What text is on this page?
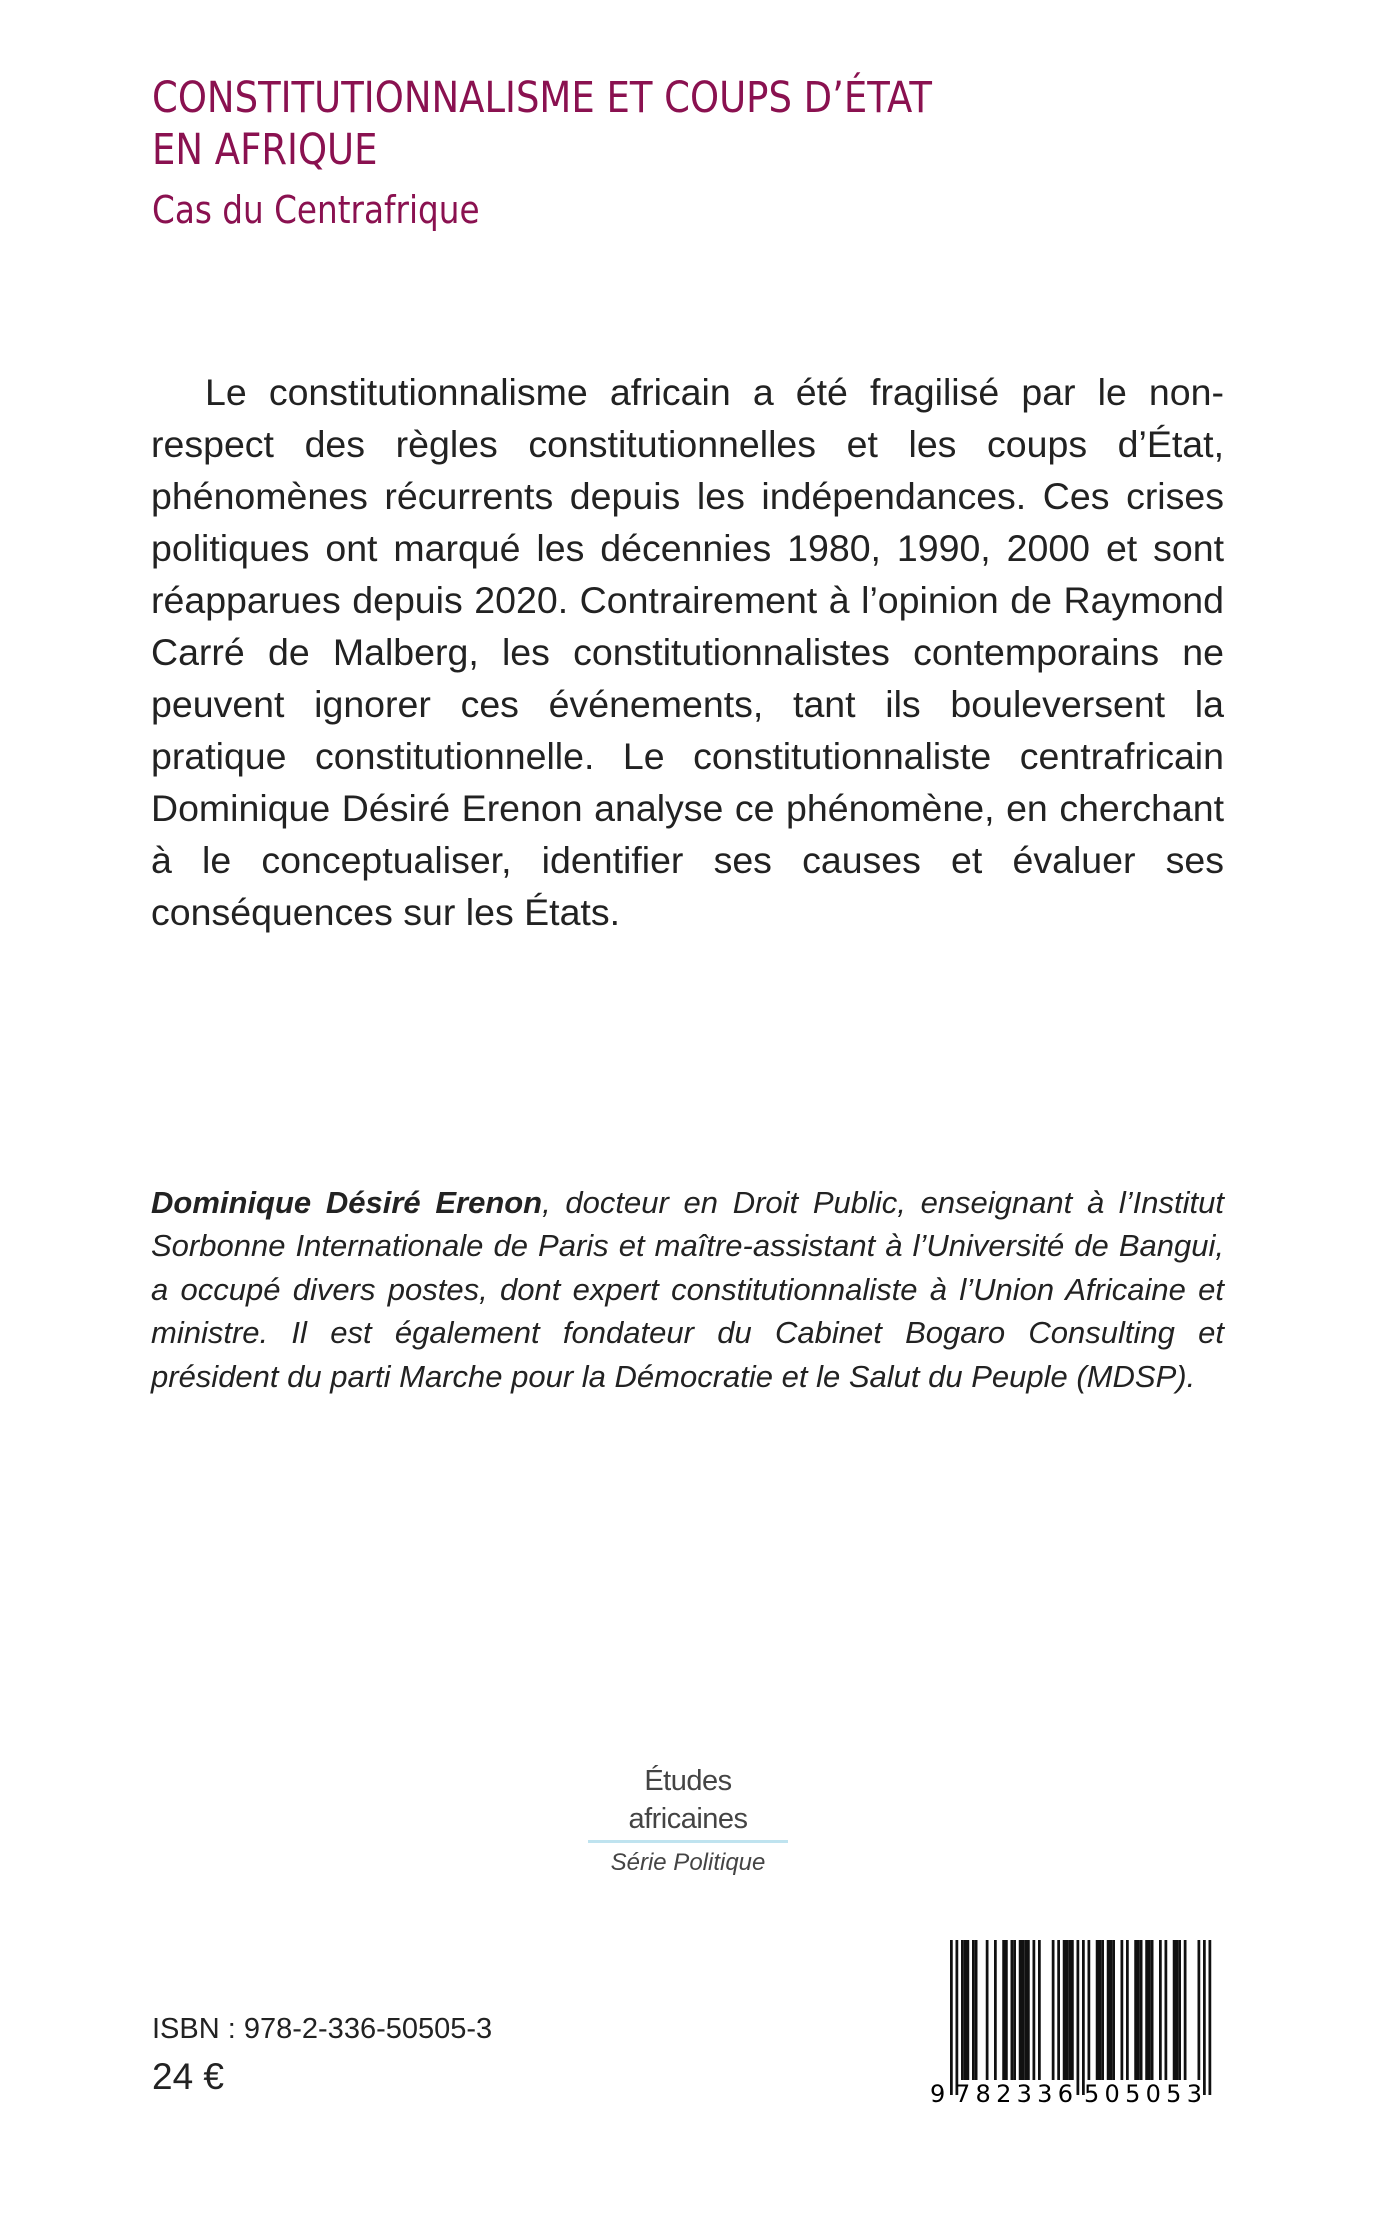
CONSTITUTIONNALISME ET COUPS D’ÉTAT
EN AFRIQUE
Cas du Centrafrique

Le constitutionnalisme africain a été fragilisé par le non-respect des règles constitutionnelles et les coups d’État, phénomènes récurrents depuis les indépendances. Ces crises politiques ont marqué les décennies 1980, 1990, 2000 et sont réapparues depuis 2020. Contrairement à l’opinion de Raymond Carré de Malberg, les constitutionnalistes contemporains ne peuvent ignorer ces événements, tant ils bouleversent la pratique constitutionnelle. Le constitutionnaliste centrafricain Dominique Désiré Erenon analyse ce phénomène, en cherchant à le conceptualiser, identifier ses causes et évaluer ses conséquences sur les États.

Dominique Désiré Erenon, docteur en Droit Public, enseignant à l’Institut Sorbonne Internationale de Paris et maître-assistant à l’Université de Bangui, a occupé divers postes, dont expert constitutionnaliste à l’Union Africaine et ministre. Il est également fondateur du Cabinet Bogaro Consulting et président du parti Marche pour la Démocratie et le Salut du Peuple (MDSP).

Études africaines
Série Politique
ISBN : 978-2-336-50505-3
24 €	9 782336 505053
